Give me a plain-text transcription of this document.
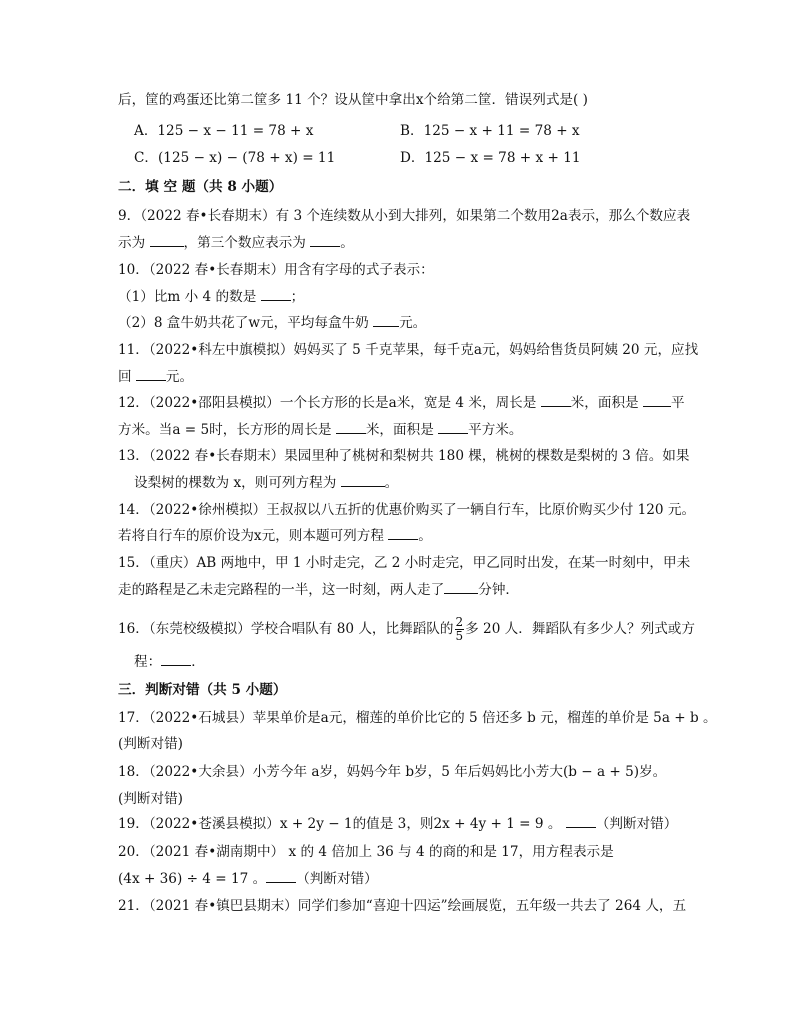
后，筐的鸡蛋还比第二筐多 11 个？设从筐中拿出x个给第二筐．错误列式是( )
A．125 − x − 11 = 78 + x	B．125 − x + 11 = 78 + x
C．(125 − x) − (78 + x) = 11	D．125 − x = 78 + x + 11
二．填 空 题（共 8 小题）
9．（2022 春•长春期末）有 3 个连续数从小到大排列，如果第二个数用2a表示，那么个数应表
示为	，第三个数应表示为 。
10．（2022 春•长春期末）用含有字母的式子表示：
（1）比m 小 4 的数是 ；
（2）8 盒牛奶共花了w元，平均每盒牛奶 元。
11．（2022•科左中旗模拟）妈妈买了 5 千克苹果，每千克a元，妈妈给售货员阿姨 20 元，应找
回 元。
12．（2022•邵阳县模拟）一个长方形的长是a米，宽是 4 米，周长是 米，面积是 平
方米。当a = 5时，长方形的周长是 米，面积是 平方米。
13．（2022 春•长春期末）果园里种了桃树和梨树共 180 棵，桃树的棵数是梨树的 3 倍。如果
设梨树的棵数为 x，则可列方程为	。
14．（2022•徐州模拟）王叔叔以八五折的优惠价购买了一辆自行车，比原价购买少付 120 元。
若将自行车的原价设为x元，则本题可列方程 。
15．（重庆）AB 两地中，甲 1 小时走完，乙 2 小时走完，甲乙同时出发，在某一时刻中，甲未
走的路程是乙未走完路程的一半，这一时刻，两人走了	分钟．
16．（东莞校级模拟）学校合唱队有 80 人，比舞蹈队的 $\frac{2}{5}$ 多 20 人．舞蹈队有多少人？列式或方
程： ．
三．判断对错（共 5 小题）
17．（2022•石城县）苹果单价是a元，榴莲的单价比它的 5 倍还多 b 元，榴莲的单价是 5a + b 。
(判断对错)
18．（2022•大余县）小芳今年 a岁，妈妈今年 b岁，5 年后妈妈比小芳大(b − a + 5)岁。
(判断对错)
19．（2022•苍溪县模拟）x + 2y − 1的值是 3，则2x + 4y + 1 = 9 。 （判断对错）
20．（2021 春•湖南期中） x 的 4 倍加上 36 与 4 的商的和是 17，用方程表示是
(4x + 36) ÷ 4 = 17 。 （判断对错）
21．（2021 春•镇巴县期末）同学们参加“喜迎十四运”绘画展览，五年级一共去了 264 人，五
